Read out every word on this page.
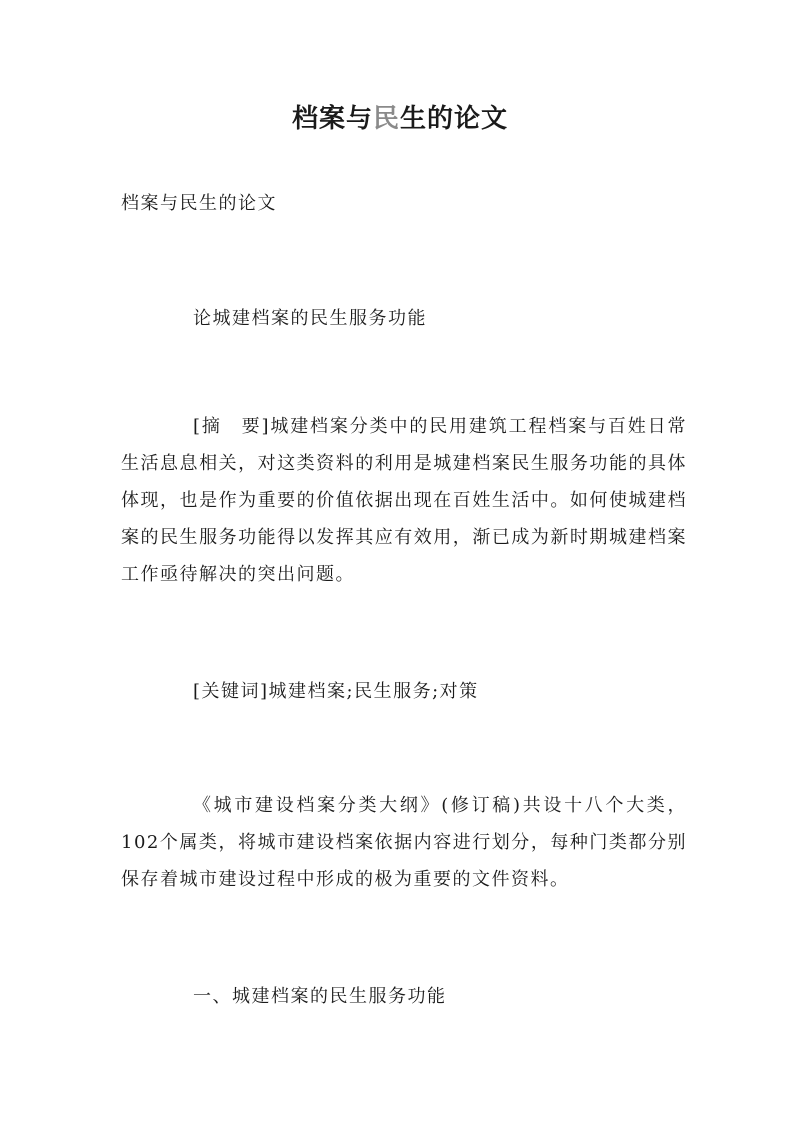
档案与民生的论文

档案与民生的论文

论城建档案的民生服务功能

[摘　要]城建档案分类中的民用建筑工程档案与百姓日常生活息息相关，对这类资料的利用是城建档案民生服务功能的具体体现，也是作为重要的价值依据出现在百姓生活中。如何使城建档案的民生服务功能得以发挥其应有效用，渐已成为新时期城建档案工作亟待解决的突出问题。

[关键词]城建档案;民生服务;对策

《城市建设档案分类大纲》(修订稿)共设十八个大类，102个属类，将城市建设档案依据内容进行划分，每种门类都分别保存着城市建设过程中形成的极为重要的文件资料。

一、城建档案的民生服务功能
